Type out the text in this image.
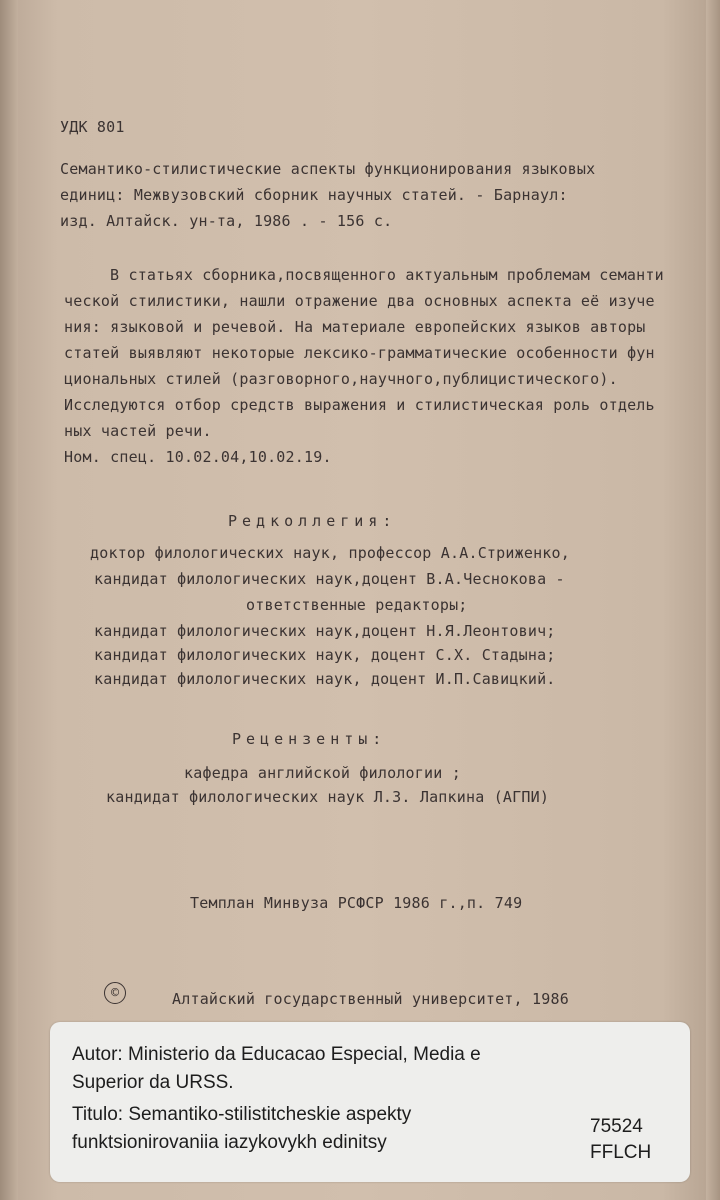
УДК 801
Семантико-стилистические аспекты функционирования языковых
единиц: Межвузовский сборник научных статей. - Барнаул:
изд. Алтайск. ун-та, 1986 . - 156 с.
В статьях сборника,посвященного актуальным проблемам семанти
ческой стилистики, нашли отражение два основных аспекта её изуче
ния: языковой и речевой. На материале европейских языков авторы
статей выявляют некоторые лексико-грамматические особенности фун
циональных стилей (разговорного,научного,публицистического).
Исследуются отбор средств выражения и стилистическая роль отдель
ных частей речи.
Ном. спец. 10.02.04,10.02.19.
Редколлегия:
доктор филологических наук, профессор А.А.Стриженко,
кандидат филологических наук,доцент В.А.Чеснокова -
ответственные редакторы;
кандидат филологических наук,доцент Н.Я.Леонтович;
кандидат филологических наук, доцент С.Х. Стадына;
кандидат филологических наук, доцент И.П.Савицкий.
Рецензенты:
кафедра английской филологии ;
кандидат филологических наук Л.З. Лапкина (АГПИ)
Темплан Минвуза РСФСР 1986 г.,п. 749
©	Алтайский государственный университет, 1986
Autor: Ministerio da Educacao Especial, Media e
Superior da URSS.
Titulo: Semantiko-stilistitcheskie aspekty
funktsionirovaniia iazykovykh edinitsy
75524
FFLCH
